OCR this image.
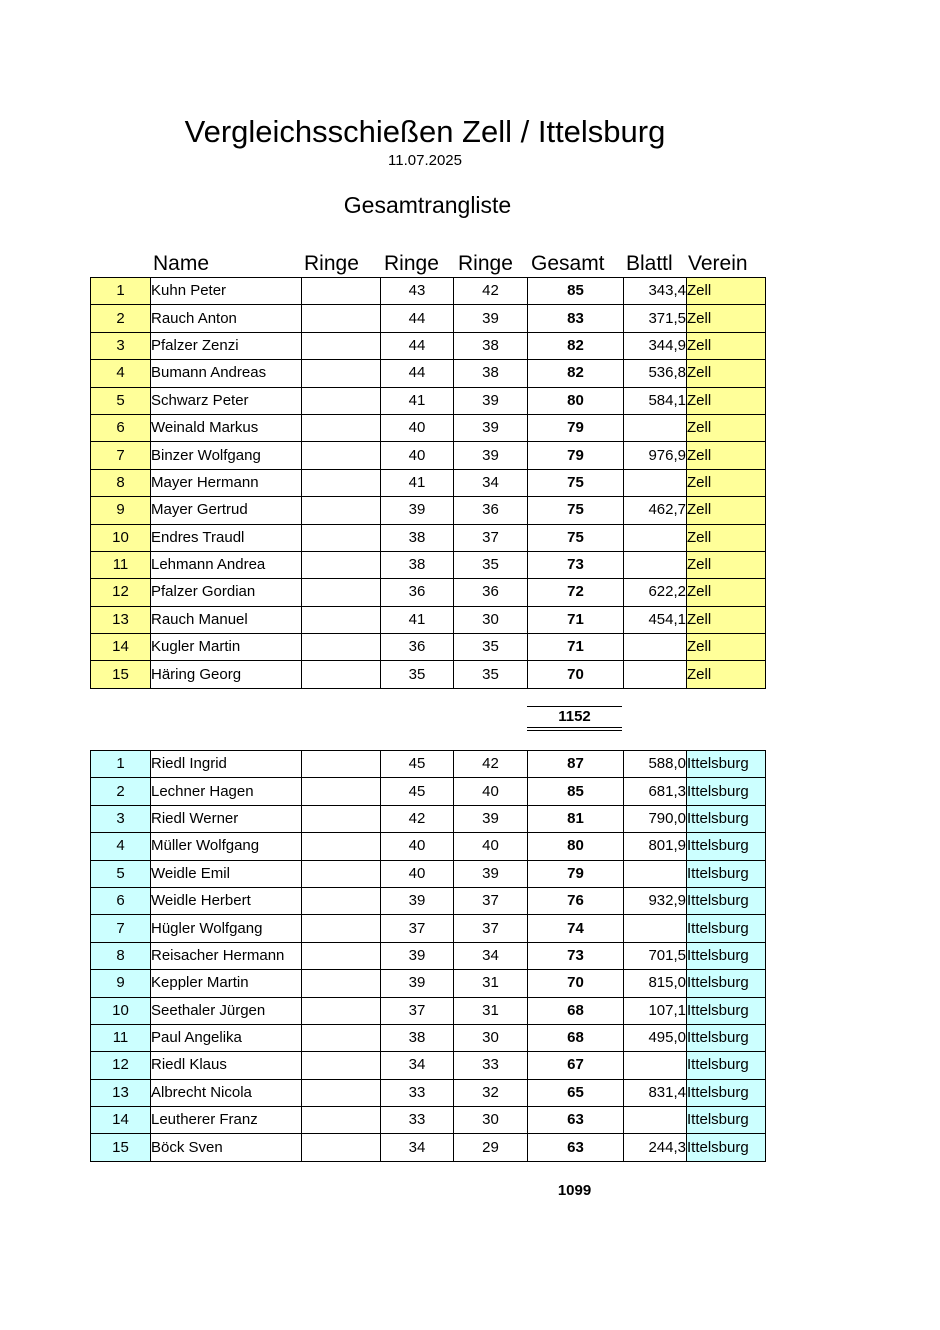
Vergleichsschießen Zell / Ittelsburg
11.07.2025
Gesamtrangliste
Name	Ringe Ringe Ringe Gesamt Blattl Verein
1	Kuhn Peter		43	42	85	343,4	Zell
2	Rauch Anton		44	39	83	371,5	Zell
3	Pfalzer Zenzi		44	38	82	344,9	Zell
4	Bumann Andreas		44	38	82	536,8	Zell
5	Schwarz Peter		41	39	80	584,1	Zell
6	Weinald Markus		40	39	79		Zell
7	Binzer Wolfgang		40	39	79	976,9	Zell
8	Mayer Hermann		41	34	75		Zell
9	Mayer Gertrud		39	36	75	462,7	Zell
10	Endres Traudl		38	37	75		Zell
11	Lehmann Andrea		38	35	73		Zell
12	Pfalzer Gordian		36	36	72	622,2	Zell
13	Rauch Manuel		41	30	71	454,1	Zell
14	Kugler Martin		36	35	71		Zell
15	Häring Georg		35	35	70		Zell
1152
1	Riedl Ingrid		45	42	87	588,0	Ittelsburg
2	Lechner Hagen		45	40	85	681,3	Ittelsburg
3	Riedl Werner		42	39	81	790,0	Ittelsburg
4	Müller Wolfgang		40	40	80	801,9	Ittelsburg
5	Weidle Emil		40	39	79		Ittelsburg
6	Weidle Herbert		39	37	76	932,9	Ittelsburg
7	Hügler Wolfgang		37	37	74		Ittelsburg
8	Reisacher Hermann		39	34	73	701,5	Ittelsburg
9	Keppler Martin		39	31	70	815,0	Ittelsburg
10	Seethaler Jürgen		37	31	68	107,1	Ittelsburg
11	Paul Angelika		38	30	68	495,0	Ittelsburg
12	Riedl Klaus		34	33	67		Ittelsburg
13	Albrecht Nicola		33	32	65	831,4	Ittelsburg
14	Leutherer Franz		33	30	63		Ittelsburg
15	Böck Sven		34	29	63	244,3	Ittelsburg
1099
